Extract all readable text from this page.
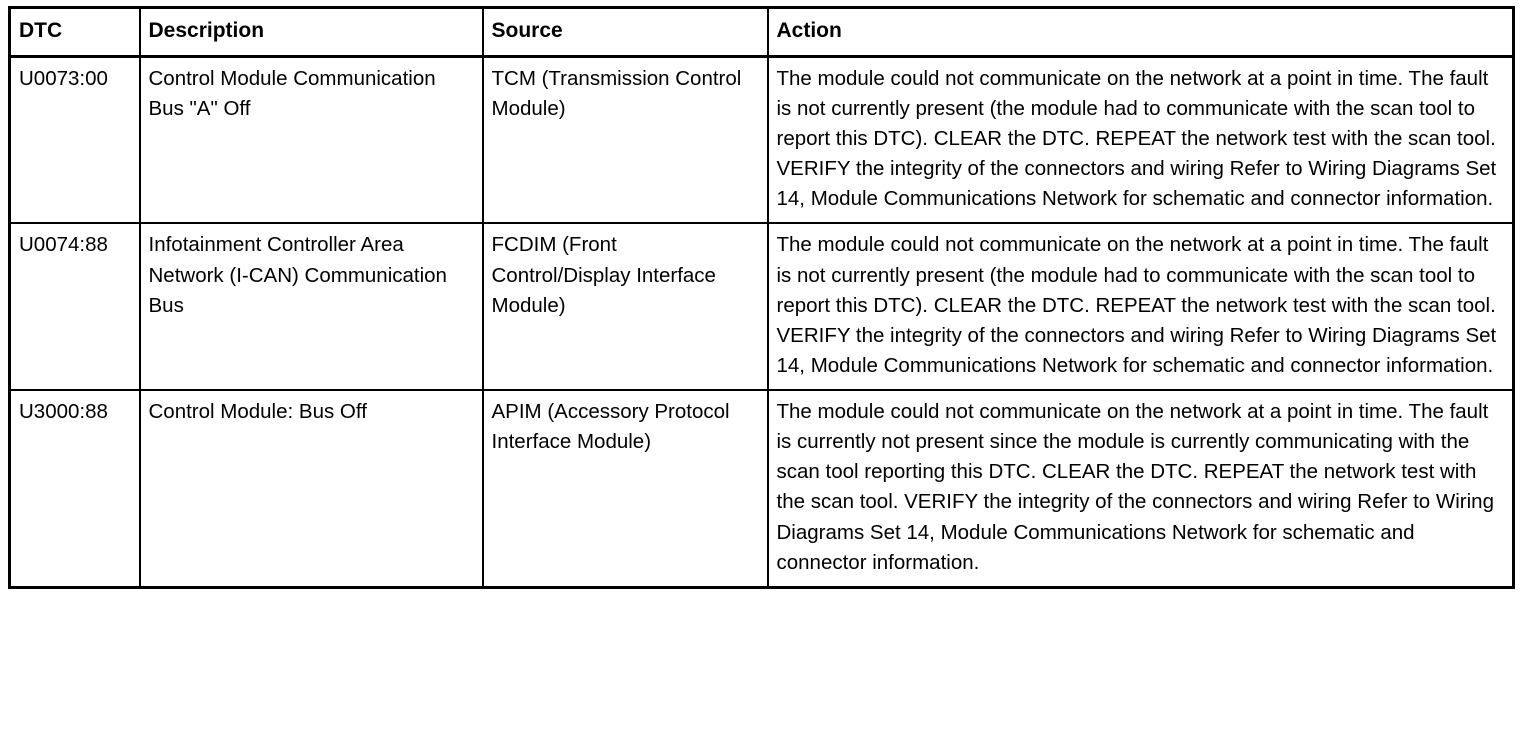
DTC	Description	Source	Action
U0073:00	Control Module Communication Bus "A" Off	TCM (Transmission Control Module)	The module could not communicate on the network at a point in time. The fault is not currently present (the module had to communicate with the scan tool to report this DTC). CLEAR the DTC. REPEAT the network test with the scan tool. VERIFY the integrity of the connectors and wiring Refer to Wiring Diagrams Set 14, Module Communications Network for schematic and connector information.
U0074:88	Infotainment Controller Area Network (I-CAN) Communication Bus	FCDIM (Front Control/Display Interface Module)	The module could not communicate on the network at a point in time. The fault is not currently present (the module had to communicate with the scan tool to report this DTC). CLEAR the DTC. REPEAT the network test with the scan tool. VERIFY the integrity of the connectors and wiring Refer to Wiring Diagrams Set 14, Module Communications Network for schematic and connector information.
U3000:88	Control Module: Bus Off	APIM (Accessory Protocol Interface Module)	The module could not communicate on the network at a point in time. The fault is currently not present since the module is currently communicating with the scan tool reporting this DTC. CLEAR the DTC. REPEAT the network test with the scan tool. VERIFY the integrity of the connectors and wiring Refer to Wiring Diagrams Set 14, Module Communications Network for schematic and connector information.
